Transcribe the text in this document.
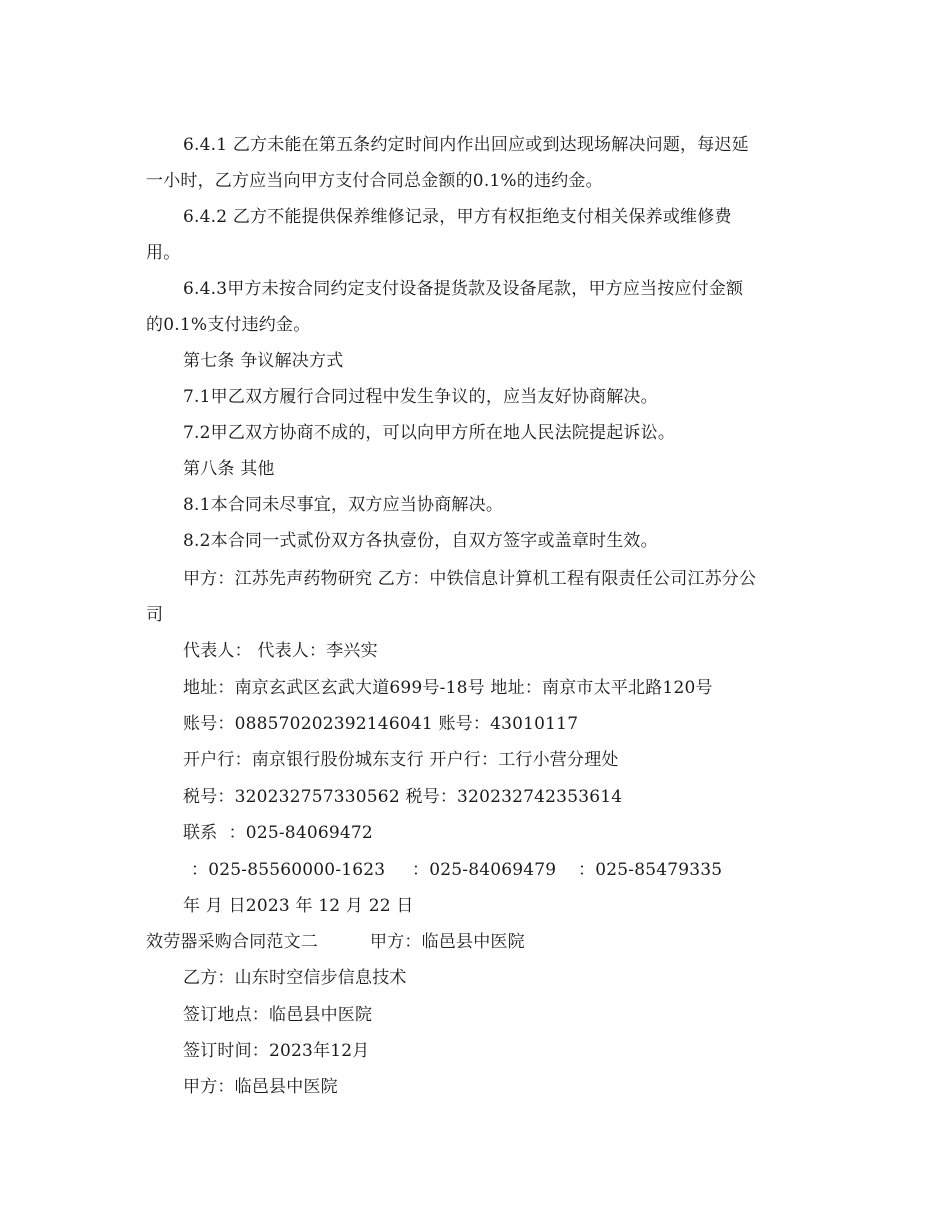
6.4.1 乙方未能在第五条约定时间内作出回应或到达现场解决问题，每迟延
一小时，乙方应当向甲方支付合同总金额的0.1%的违约金。
6.4.2 乙方不能提供保养维修记录，甲方有权拒绝支付相关保养或维修费
用。
6.4.3甲方未按合同约定支付设备提货款及设备尾款，甲方应当按应付金额
的0.1%支付违约金。
第七条 争议解决方式
7.1甲乙双方履行合同过程中发生争议的，应当友好协商解决。
7.2甲乙双方协商不成的，可以向甲方所在地人民法院提起诉讼。
第八条 其他
8.1本合同未尽事宜，双方应当协商解决。
8.2本合同一式贰份双方各执壹份，自双方签字或盖章时生效。
甲方：江苏先声药物研究 乙方：中铁信息计算机工程有限责任公司江苏分公
司
代表人： 代表人：李兴实
地址：南京玄武区玄武大道699号-18号 地址：南京市太平北路120号
账号：088570202392146041 账号：43010117
开户行：南京银行股份城东支行 开户行：工行小营分理处
税号：320232757330562 税号：320232742353614
联系  ：025-84069472
：025-85560000-1623 ：025-84069479 ：025-85479335
年 月 日2023 年 12 月 22 日
效劳器采购合同范文二	甲方：临邑县中医院
乙方：山东时空信步信息技术
签订地点：临邑县中医院
签订时间：2023年12月
甲方：临邑县中医院
